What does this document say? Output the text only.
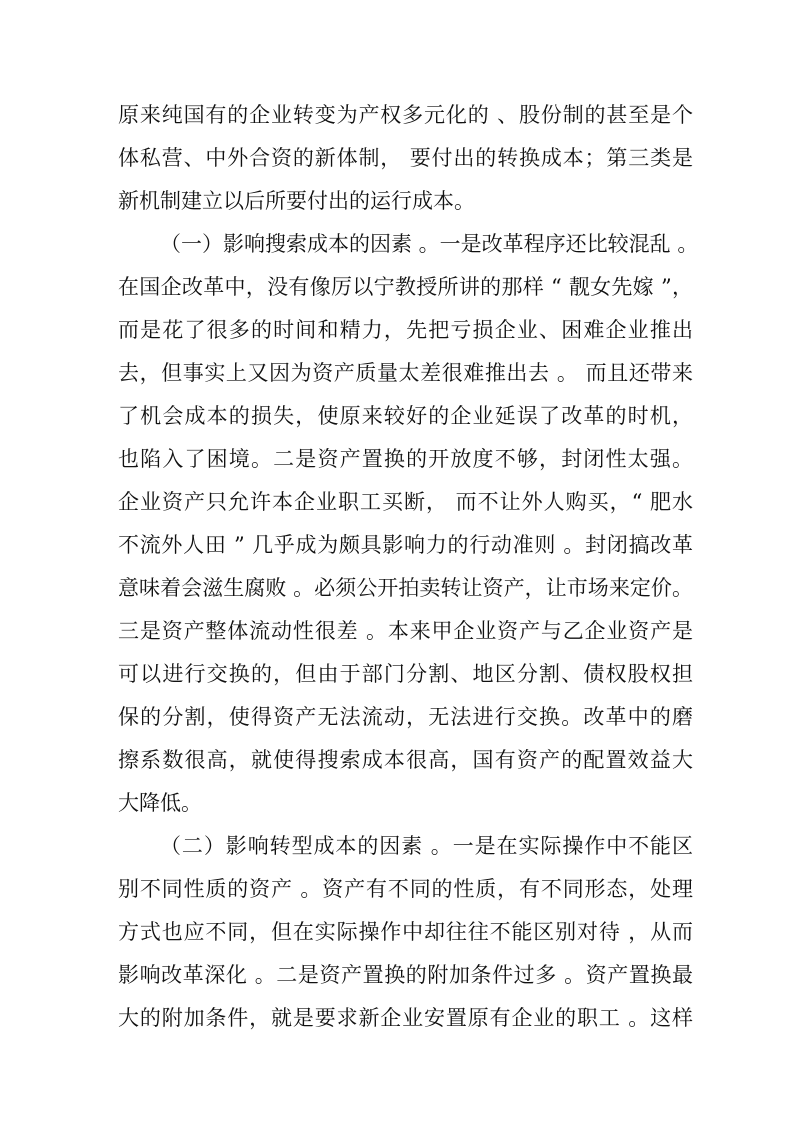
原来纯国有的企业转变为产权多元化的 、股份制的甚至是个
体私营、中外合资的新体制， 要付出的转换成本；第三类是
新机制建立以后所要付出的运行成本。
（一）影响搜索成本的因素 。一是改革程序还比较混乱 。
在国企改革中，没有像厉以宁教授所讲的那样 “ 靓女先嫁 ”，
而是花了很多的时间和精力，先把亏损企业、困难企业推出
去，但事实上又因为资产质量太差很难推出去 。 而且还带来
了机会成本的损失，使原来较好的企业延误了改革的时机，
也陷入了困境。二是资产置换的开放度不够，封闭性太强。
企业资产只允许本企业职工买断， 而不让外人购买，“ 肥水
不流外人田 ” 几乎成为颇具影响力的行动准则 。封闭搞改革
意味着会滋生腐败 。必须公开拍卖转让资产，让市场来定价。
三是资产整体流动性很差 。本来甲企业资产与乙企业资产是
可以进行交换的，但由于部门分割、地区分割、债权股权担
保的分割，使得资产无法流动，无法进行交换。改革中的磨
擦系数很高，就使得搜索成本很高，国有资产的配置效益大
大降低。
（二）影响转型成本的因素 。一是在实际操作中不能区
别不同性质的资产 。资产有不同的性质，有不同形态，处理
方式也应不同，但在实际操作中却往往不能区别对待 ，从而
影响改革深化 。二是资产置换的附加条件过多 。资产置换最
大的附加条件，就是要求新企业安置原有企业的职工 。这样
